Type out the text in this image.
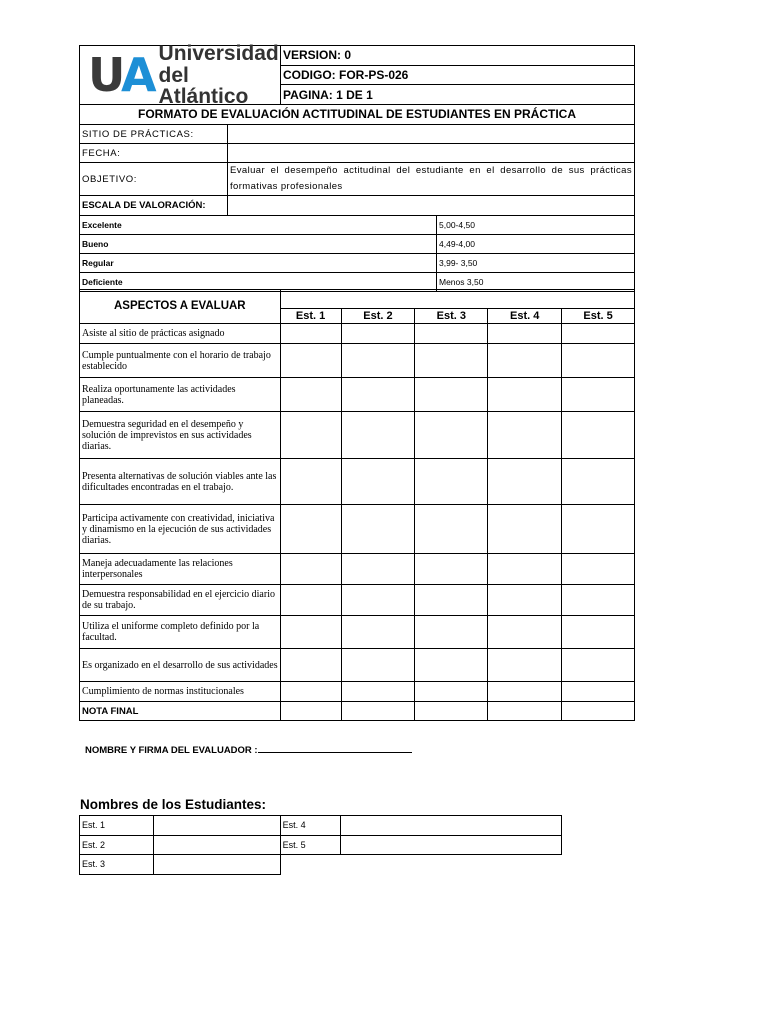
UA Universidad
del Atlántico
	VERSION: 0
CODIGO: FOR-PS-026
PAGINA: 1 DE 1
FORMATO DE EVALUACIÓN ACTITUDINAL DE ESTUDIANTES EN PRÁCTICA
SITIO DE PRÁCTICAS:		
FECHA:		
OBJETIVO:	Evaluar el desempeño actitudinal del estudiante en el desarrollo de sus prácticas formativas profesionales	
ESCALA DE VALORACIÓN:		
Excelente		5,00-4,50
Bueno		4,49-4,00
Regular		3,99- 3,50
Deficiente		Menos 3,50
ASPECTOS A EVALUAR					
	Est. 1	Est. 2	Est. 3	Est. 4	Est. 5
Asiste al sitio de prácticas asignado					
Cumple puntualmente con el horario de trabajo establecido					
Realiza oportunamente las actividades planeadas.					
Demuestra seguridad en el desempeño y solución de imprevistos en sus actividades diarias.					
Presenta alternativas de solución viables ante las dificultades encontradas en el trabajo.					
Participa activamente con creatividad, iniciativa y dinamismo en la ejecución de sus actividades diarias.					
Maneja adecuadamente las relaciones interpersonales					
Demuestra responsabilidad en el ejercicio diario de su trabajo.					
Utiliza el uniforme completo definido por la facultad.					
Es organizado en el desarrollo de sus actividades					
Cumplimiento de normas institucionales					
NOTA FINAL					
NOMBRE Y FIRMA DEL EVALUADOR :
Nombres de los Estudiantes:
Est. 1		Est. 4	
Est. 2		Est. 5	
Est. 3			
